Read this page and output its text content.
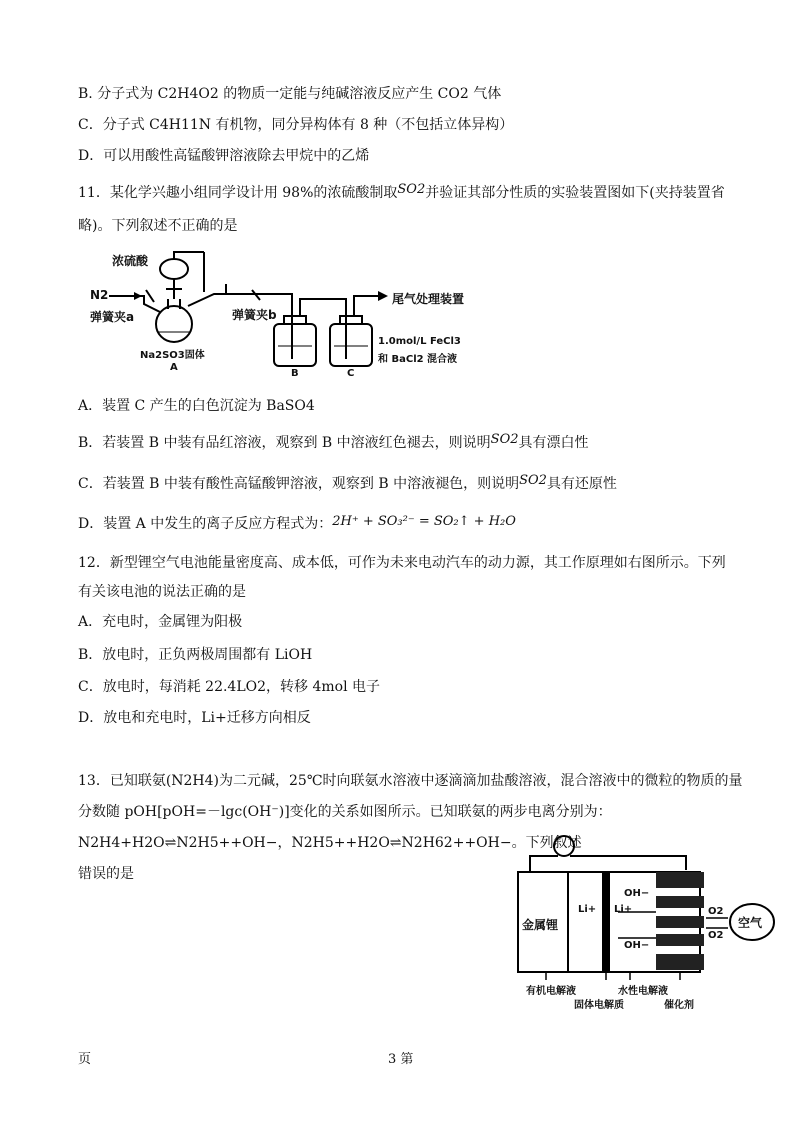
B. 分子式为 C2H4O2 的物质一定能与纯碱溶液反应产生 CO2 气体
C．分子式 C4H11N 有机物，同分异构体有 8 种（不包括立体异构）
D．可以用酸性高锰酸钾溶液除去甲烷中的乙烯
11．某化学兴趣小组同学设计用 98%的浓硫酸制取SO2并验证其部分性质的实验装置图如下(夹持装置省
略)。下列叙述不正确的是
浓硫酸
N2
弹簧夹a
Na2SO3固体
A
弹簧夹b
B	C
尾气处理装置
1.0mol/L FeCl3
和 BaCl2 混合液
A．装置 C 产生的白色沉淀为 BaSO4
B．若装置 B 中装有品红溶液，观察到 B 中溶液红色褪去，则说明SO2具有漂白性
C．若装置 B 中装有酸性高锰酸钾溶液，观察到 B 中溶液褪色，则说明SO2具有还原性
D．装置 A 中发生的离子反应方程式为：2H⁺ + SO₃²⁻ = SO₂↑ + H₂O
12．新型锂空气电池能量密度高、成本低，可作为未来电动汽车的动力源，其工作原理如右图所示。下列
有关该电池的说法正确的是
A．充电时，金属锂为阳极
B．放电时，正负两极周围都有 LiOH
C．放电时，每消耗 22.4LO2，转移 4mol 电子
D．放电和充电时，Li+迁移方向相反
13．已知联氨(N2H4)为二元碱，25℃时向联氨水溶液中逐滴滴加盐酸溶液，混合溶液中的微粒的物质的量
分数随 pOH[pOH=－lgc(OH⁻)]变化的关系如图所示。已知联氨的两步电离分别为：
N2H4+H2O⇌N2H5++OH−，N2H5++H2O⇌N2H62++OH−。下列叙述
错误的是
金属锂
Li+ Li+
OH−
OH−
O2
O2
空气
有机电解液	水性电解液
固体电解质	催化剂
页	3 第
